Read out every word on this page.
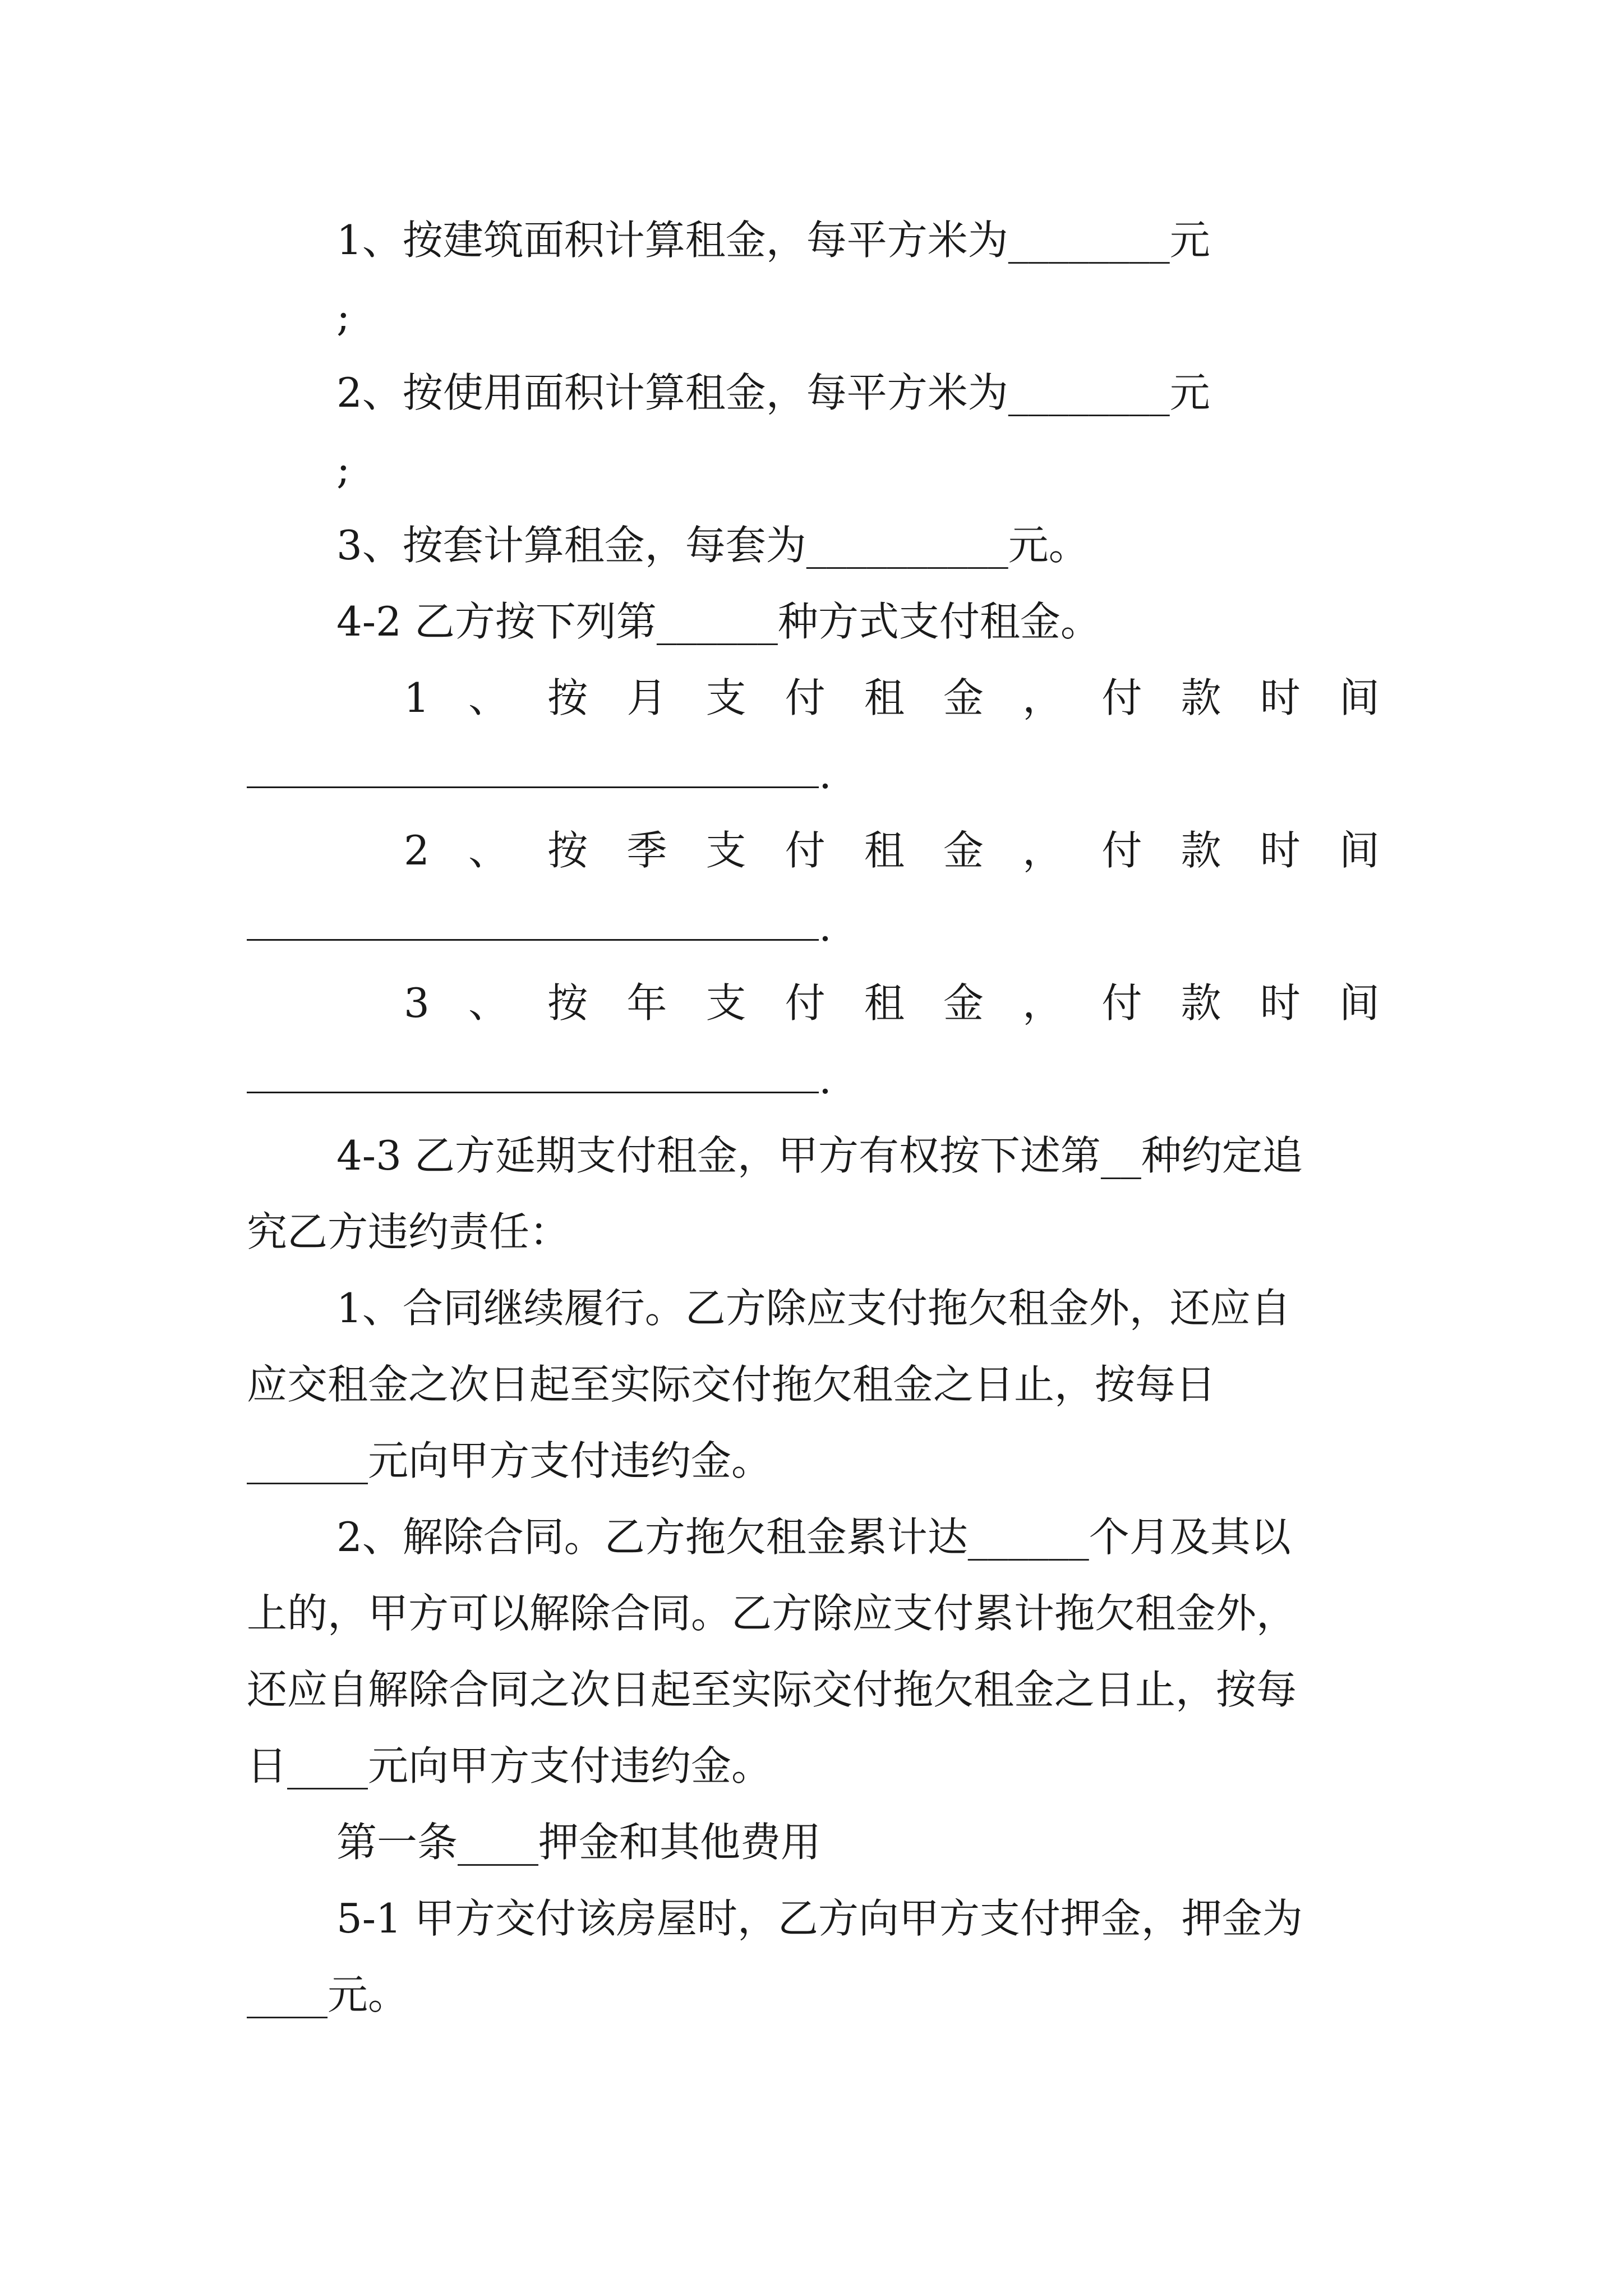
1、按建筑面积计算租金，每平方米为________元
;
2、按使用面积计算租金，每平方米为________元
;
3、按套计算租金，每套为__________元。
4-2 乙方按下列第______种方式支付租金。
1 、 按 月 支 付 租 金 ， 付 款 时 间
.
2 、 按 季 支 付 租 金 ， 付 款 时 间
.
3 、 按 年 支 付 租 金 ， 付 款 时 间
.
4-3 乙方延期支付租金，甲方有权按下述第__种约定追
究乙方违约责任：
1、合同继续履行。乙方除应支付拖欠租金外，还应自
应交租金之次日起至实际交付拖欠租金之日止，按每日
______元向甲方支付违约金。
2、解除合同。乙方拖欠租金累计达______个月及其以
上的，甲方可以解除合同。乙方除应支付累计拖欠租金外，
还应自解除合同之次日起至实际交付拖欠租金之日止，按每
日____元向甲方支付违约金。
第一条____押金和其他费用
5-1 甲方交付该房屋时，乙方向甲方支付押金，押金为
____元。
